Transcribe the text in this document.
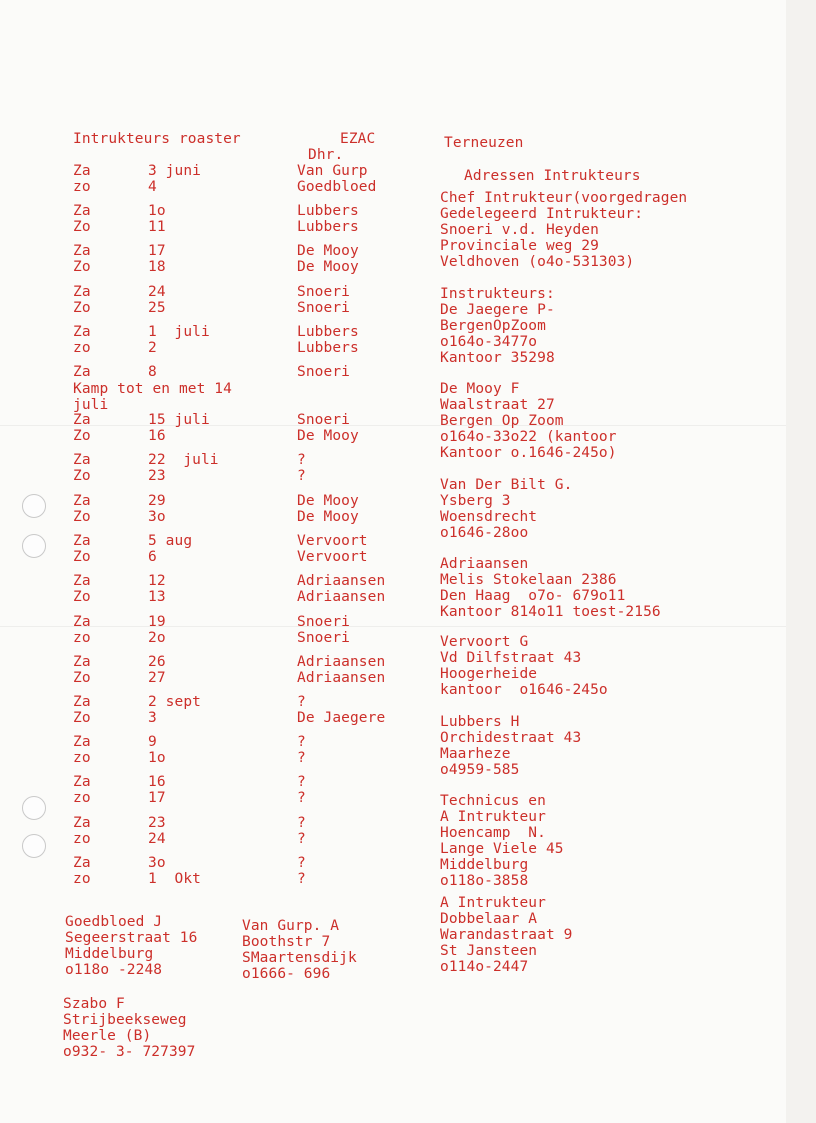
Intrukteurs roaster	EZAC
Dhr.
Terneuzen
Za	3 juni	Van Gurp
zo	4	Goedbloed
Za	1o	Lubbers
Zo	11	Lubbers
Za	17	De Mooy
Zo	18	De Mooy
Za	24	Snoeri
Zo	25	Snoeri
Za	1  juli	Lubbers
zo	2	Lubbers
Za	8	Snoeri
Za	15 juli	Snoeri
Zo	16	De Mooy
Za	22  juli	?
Zo	23	?
Za	29	De Mooy
Zo	3o	De Mooy
Za	5 aug	Vervoort
Zo	6	Vervoort
Za	12	Adriaansen
Zo	13	Adriaansen
Za	19	Snoeri
zo	2o	Snoeri
Za	26	Adriaansen
Zo	27	Adriaansen
Za	2 sept	?
Zo	3	De Jaegere
Za	9	?
zo	1o	?
Za	16	?
zo	17	?
Za	23	?
zo	24	?
Za	3o	?
zo	1  Okt	?
Kamp tot en met 14
juli
Adressen Intrukteurs
Chef Intrukteur(voorgedragen
Gedelegeerd Intrukteur:
Snoeri v.d. Heyden
Provinciale weg 29
Veldhoven (o4o-531303)
Instrukteurs:
De Jaegere P-
BergenOpZoom
o164o-3477o
Kantoor 35298
De Mooy F
Waalstraat 27
Bergen Op Zoom
o164o-33o22 (kantoor
Kantoor o.1646-245o)
Van Der Bilt G.
Ysberg 3
Woensdrecht
o1646-28oo
Adriaansen
Melis Stokelaan 2386
Den Haag  o7o- 679o11
Kantoor 814o11 toest-2156
Vervoort G
Vd Dilfstraat 43
Hoogerheide
kantoor  o1646-245o
Lubbers H
Orchidestraat 43
Maarheze
o4959-585
Technicus en
A Intrukteur
Hoencamp  N.
Lange Viele 45
Middelburg
o118o-3858
A Intrukteur
Dobbelaar A
Warandastraat 9
St Jansteen
o114o-2447
Goedbloed J
Segeerstraat 16
Middelburg
o118o -2248
Van Gurp. A
Boothstr 7
SMaartensdijk
o1666- 696
Szabo F
Strijbeekseweg
Meerle (B)
o932- 3- 727397
